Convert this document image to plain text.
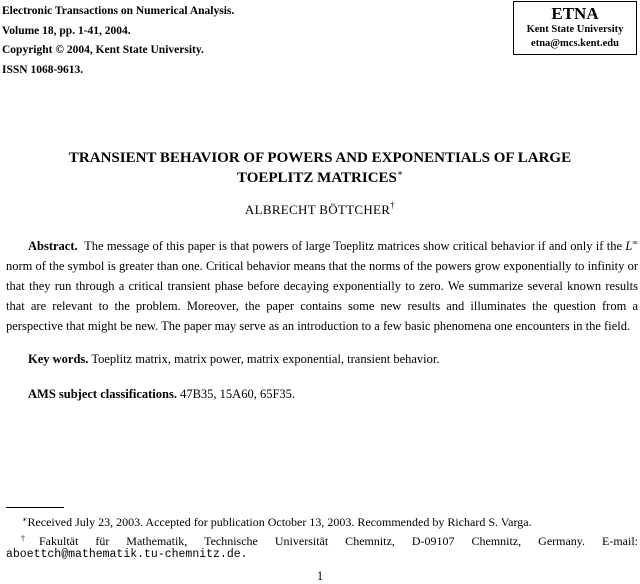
Electronic Transactions on Numerical Analysis.
Volume 18, pp. 1-41, 2004.
Copyright © 2004, Kent State University.
ISSN 1068-9613.
ETNA
Kent State University
etna@mcs.kent.edu
TRANSIENT BEHAVIOR OF POWERS AND EXPONENTIALS OF LARGE
TOEPLITZ MATRICES∗
ALBRECHT BÖTTCHER†
Abstract. The message of this paper is that powers of large Toeplitz matrices show critical behavior if and only if the L∞ norm of the symbol is greater than one. Critical behavior means that the norms of the powers grow exponentially to infinity or that they run through a critical transient phase before decaying exponentially to zero. We summarize several known results that are relevant to the problem. Moreover, the paper contains some new results and illuminates the question from a perspective that might be new. The paper may serve as an introduction to a few basic phenomena one encounters in the field.
Key words. Toeplitz matrix, matrix power, matrix exponential, transient behavior.
AMS subject classifications. 47B35, 15A60, 65F35.
∗Received July 23, 2003. Accepted for publication October 13, 2003. Recommended by Richard S. Varga.
†Fakultät für Mathematik, Technische Universität Chemnitz, D-09107 Chemnitz, Germany. E-mail:
aboettch@mathematik.tu-chemnitz.de.
1
